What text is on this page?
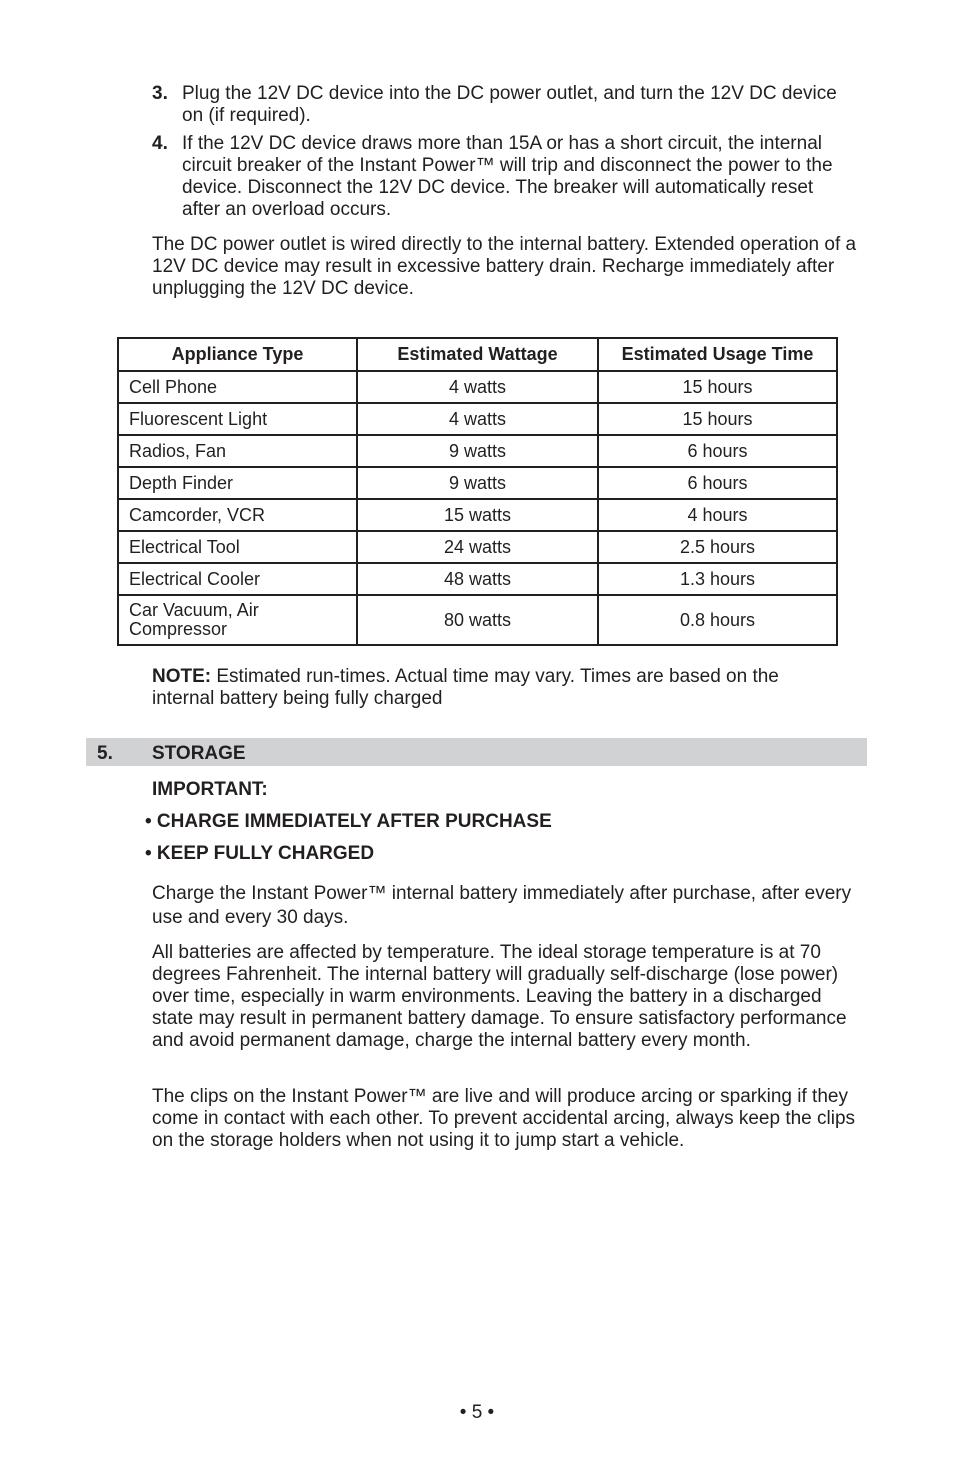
3. Plug the 12V DC device into the DC power outlet, and turn the 12V DC device on (if required).
4. If the 12V DC device draws more than 15A or has a short circuit, the internal circuit breaker of the Instant Power™ will trip and disconnect the power to the device. Disconnect the 12V DC device. The breaker will automatically reset after an overload occurs.
The DC power outlet is wired directly to the internal battery. Extended operation of a 12V DC device may result in excessive battery drain. Recharge immediately after unplugging the 12V DC device.
Appliance Type	Estimated Wattage	Estimated Usage Time
Cell Phone	4 watts	15 hours
Fluorescent Light	4 watts	15 hours
Radios, Fan	9 watts	6 hours
Depth Finder	9 watts	6 hours
Camcorder, VCR	15 watts	4 hours
Electrical Tool	24 watts	2.5 hours
Electrical Cooler	48 watts	1.3 hours
Car Vacuum, Air Compressor	80 watts	0.8 hours
NOTE: Estimated run-times. Actual time may vary. Times are based on the internal battery being fully charged
5. STORAGE
IMPORTANT:
• CHARGE IMMEDIATELY AFTER PURCHASE
• KEEP FULLY CHARGED
Charge the Instant Power™ internal battery immediately after purchase, after every use and every 30 days.
All batteries are affected by temperature. The ideal storage temperature is at 70 degrees Fahrenheit. The internal battery will gradually self-discharge (lose power) over time, especially in warm environments. Leaving the battery in a discharged state may result in permanent battery damage. To ensure satisfactory performance and avoid permanent damage, charge the internal battery every month.
The clips on the Instant Power™ are live and will produce arcing or sparking if they come in contact with each other. To prevent accidental arcing, always keep the clips on the storage holders when not using it to jump start a vehicle.
• 5 •
